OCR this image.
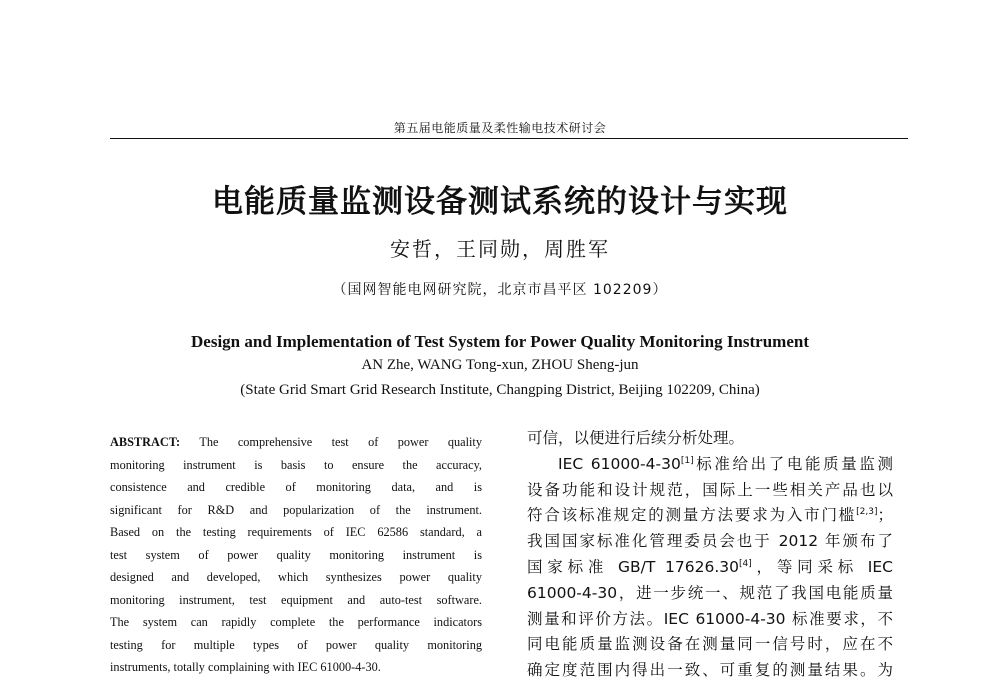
第五届电能质量及柔性输电技术研讨会
电能质量监测设备测试系统的设计与实现
安哲，王同勋，周胜军
（国网智能电网研究院，北京市昌平区 102209）
Design and Implementation of Test System for Power Quality Monitoring Instrument
AN Zhe, WANG Tong-xun, ZHOU Sheng-jun
(State Grid Smart Grid Research Institute, Changping District, Beijing 102209, China)
ABSTRACT: The comprehensive test of power quality
monitoring instrument is basis to ensure the accuracy,
consistence and credible of monitoring data, and is
significant for R&D and popularization of the instrument.
Based on the testing requirements of IEC 62586 standard, a
test system of power quality monitoring instrument is
designed and developed, which synthesizes power quality
monitoring instrument, test equipment and auto-test software.
The system can rapidly complete the performance indicators
testing for multiple types of power quality monitoring
instruments, totally complaining with IEC 61000-4-30.
可信，以便进行后续分析处理。
IEC 61000-4-30[1]标准给出了电能质量监测
设备功能和设计规范，国际上一些相关产品也以
符合该标准规定的测量方法要求为入市门槛[2,3]；
我国国家标准化管理委员会也于 2012 年颁布了
国家标准 GB/T 17626.30[4]，等同采标 IEC
61000-4-30，进一步统一、规范了我国电能质量
测量和评价方法。IEC 61000-4-30 标准要求，不
同电能质量监测设备在测量同一信号时，应在不
确定度范围内得出一致、可重复的测量结果。为
